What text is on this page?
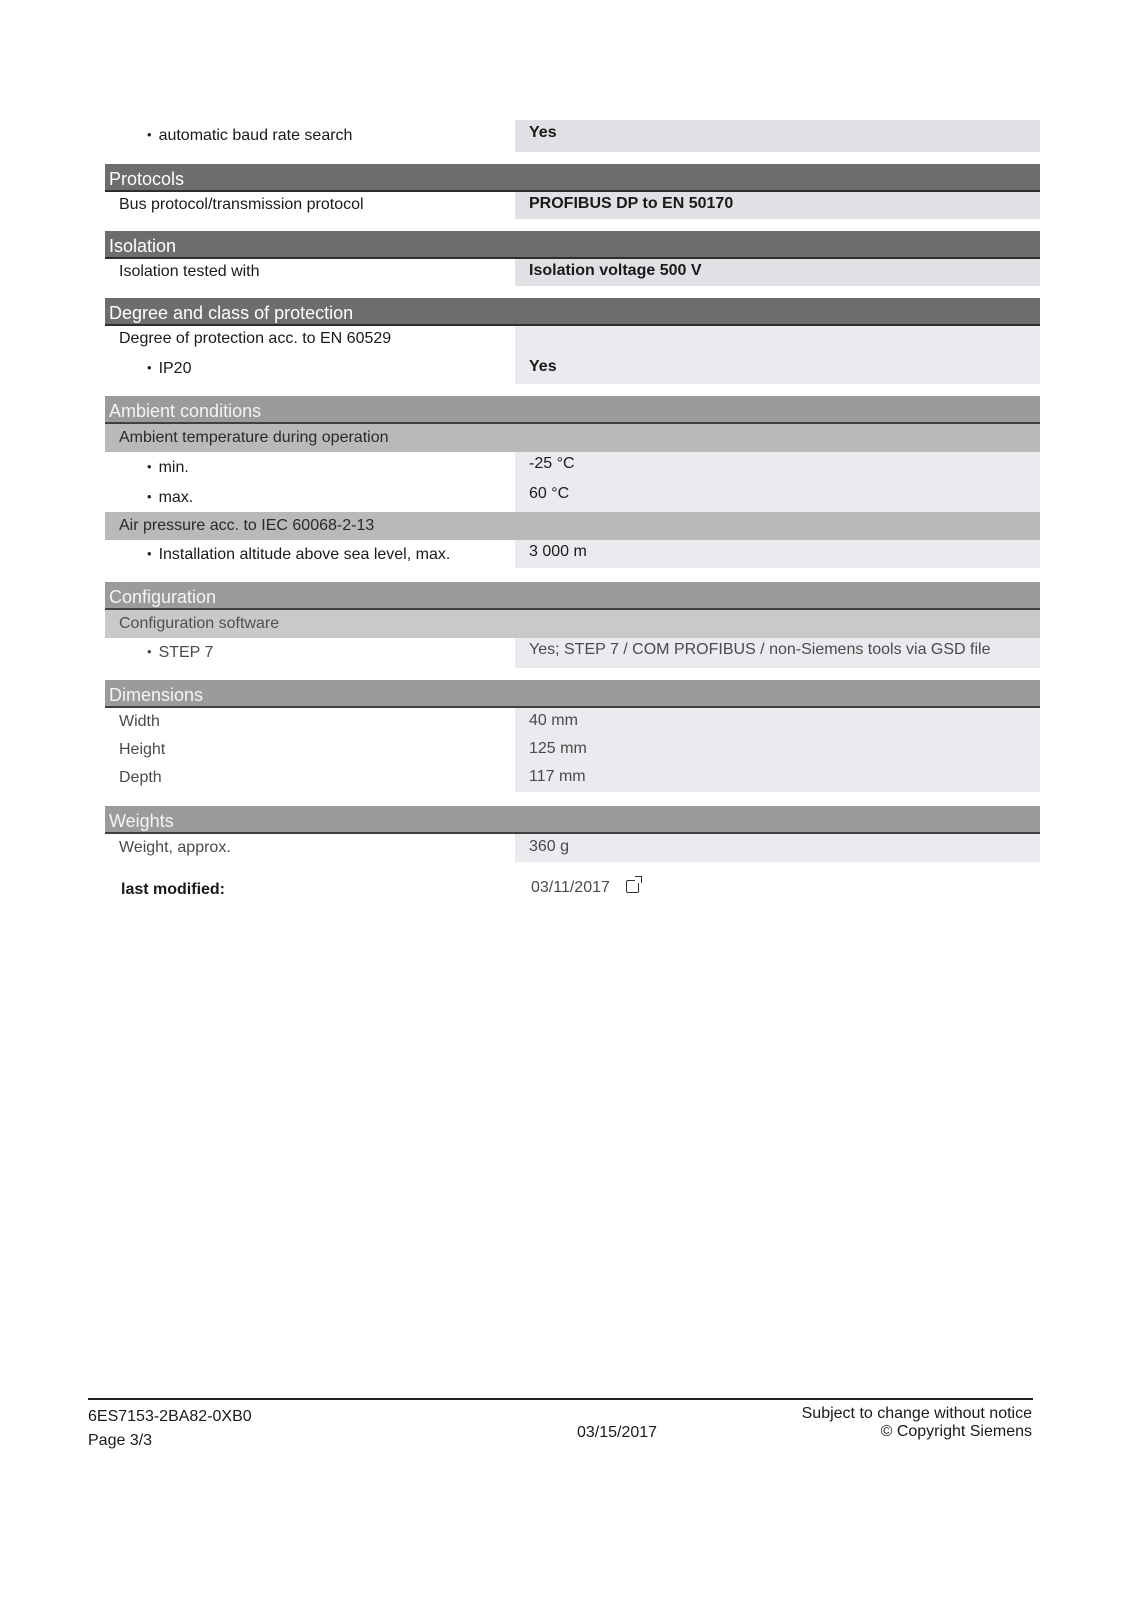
• automatic baud rate search	Yes
Protocols
Bus protocol/transmission protocol	PROFIBUS DP to EN 50170
Isolation
Isolation tested with	Isolation voltage 500 V
Degree and class of protection
Degree of protection acc. to EN 60529
• IP20	Yes
Ambient conditions
Ambient temperature during operation
• min.	-25 °C
• max.	60 °C
Air pressure acc. to IEC 60068-2-13
• Installation altitude above sea level, max.	3 000 m
Configuration
Configuration software
• STEP 7	Yes; STEP 7 / COM PROFIBUS / non-Siemens tools via GSD file
Dimensions
Width	40 mm
Height	125 mm
Depth	117 mm
Weights
Weight, approx.	360 g
last modified:	03/11/2017
6ES7153-2BA82-0XB0
Page 3/3	03/15/2017
Subject to change without notice
© Copyright Siemens
